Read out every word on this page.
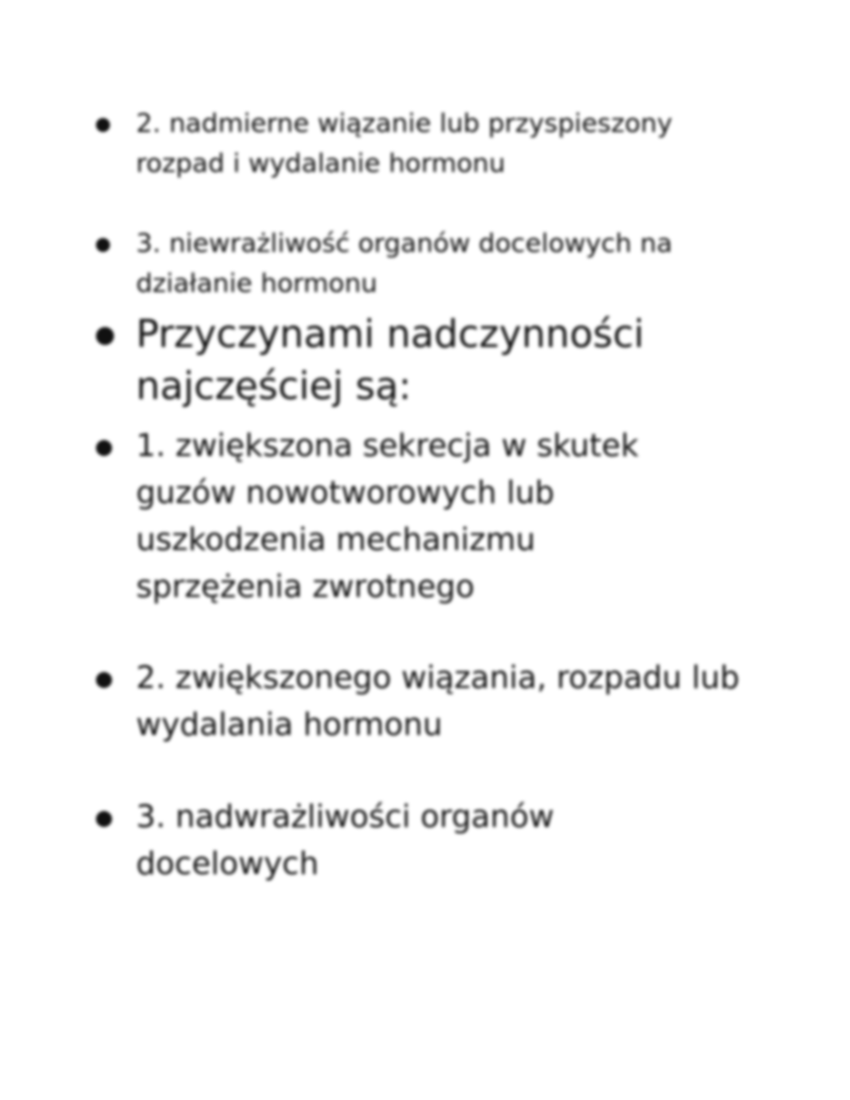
2. nadmierne wiązanie lub przyspieszony rozpad i wydalanie hormonu

3. niewrażliwość organów docelowych na działanie hormonu

Przyczynami nadczynności najczęściej są:

1. zwiększona sekrecja w skutek guzów nowotworowych lub uszkodzenia mechanizmu sprzężenia zwrotnego

2. zwiększonego wiązania, rozpadu lub wydalania hormonu

3. nadwrażliwości organów docelowych
